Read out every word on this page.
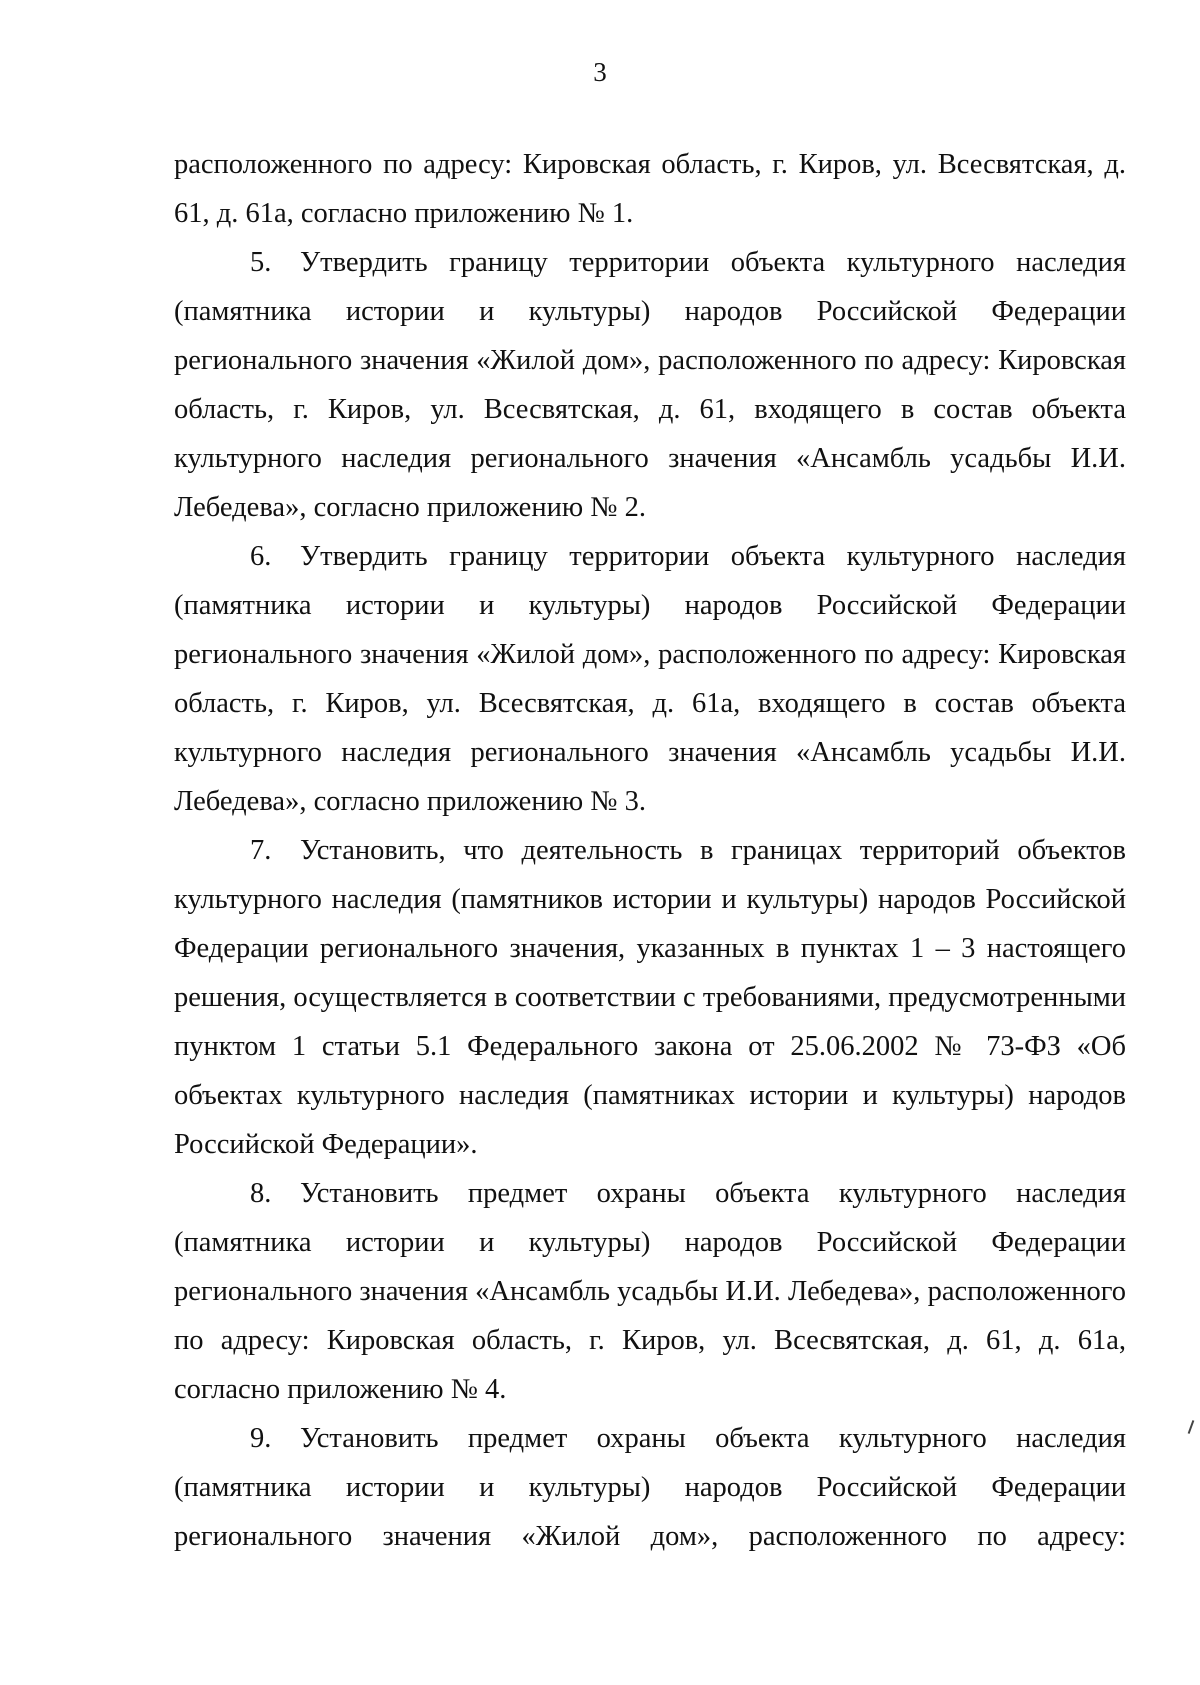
3

расположенного по адресу: Кировская область, г. Киров, ул. Всесвятская, д. 61, д. 61а, согласно приложению № 1.

5. Утвердить границу территории объекта культурного наследия (памятника истории и культуры) народов Российской Федерации регионального значения «Жилой дом», расположенного по адресу: Кировская область, г. Киров, ул. Всесвятская, д. 61, входящего в состав объекта культурного наследия регионального значения «Ансамбль усадьбы И.И. Лебедева», согласно приложению № 2.

6. Утвердить границу территории объекта культурного наследия (памятника истории и культуры) народов Российской Федерации регионального значения «Жилой дом», расположенного по адресу: Кировская область, г. Киров, ул. Всесвятская, д. 61а, входящего в состав объекта культурного наследия регионального значения «Ансамбль усадьбы И.И. Лебедева», согласно приложению № 3.

7. Установить, что деятельность в границах территорий объектов культурного наследия (памятников истории и культуры) народов Российской Федерации регионального значения, указанных в пунктах 1 – 3 настоящего решения, осуществляется в соответствии с требованиями, предусмотренными пунктом 1 статьи 5.1 Федерального закона от 25.06.2002 № 73-ФЗ «Об объектах культурного наследия (памятниках истории и культуры) народов Российской Федерации».

8. Установить предмет охраны объекта культурного наследия (памятника истории и культуры) народов Российской Федерации регионального значения «Ансамбль усадьбы И.И. Лебедева», расположенного по адресу: Кировская область, г. Киров, ул. Всесвятская, д. 61, д. 61а, согласно приложению № 4.

9. Установить предмет охраны объекта культурного наследия (памятника истории и культуры) народов Российской Федерации регионального значения «Жилой дом», расположенного по адресу:
